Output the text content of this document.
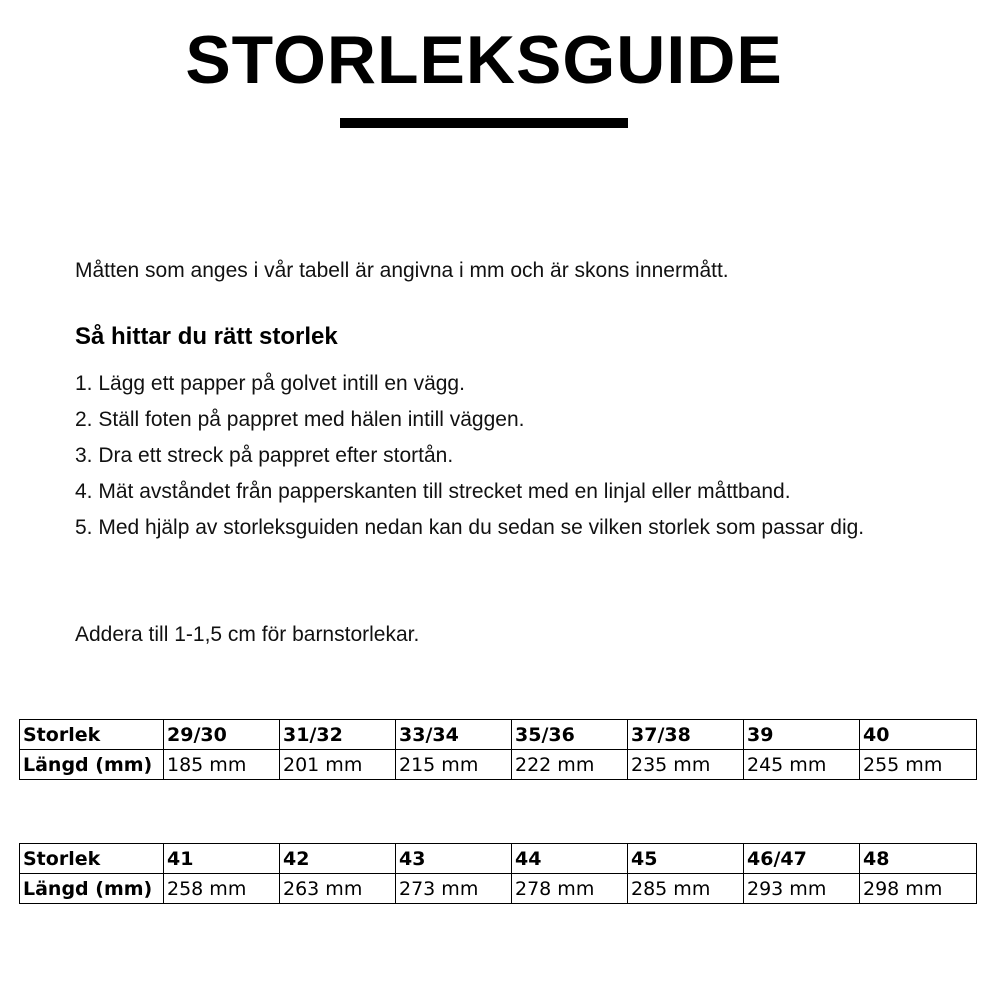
STORLEKSGUIDE

Måtten som anges i vår tabell är angivna i mm och är skons innermått.

Så hittar du rätt storlek
1. Lägg ett papper på golvet intill en vägg.
2. Ställ foten på pappret med hälen intill väggen.
3. Dra ett streck på pappret efter stortån.
4. Mät avståndet från papperskanten till strecket med en linjal eller måttband.
5. Med hjälp av storleksguiden nedan kan du sedan se vilken storlek som passar dig.

Addera till 1-1,5 cm för barnstorlekar.

Storlek	29/30	31/32	33/34	35/36	37/38	39	40
Längd (mm)	185 mm	201 mm	215 mm	222 mm	235 mm	245 mm	255 mm
Storlek	41	42	43	44	45	46/47	48
Längd (mm)	258 mm	263 mm	273 mm	278 mm	285 mm	293 mm	298 mm
